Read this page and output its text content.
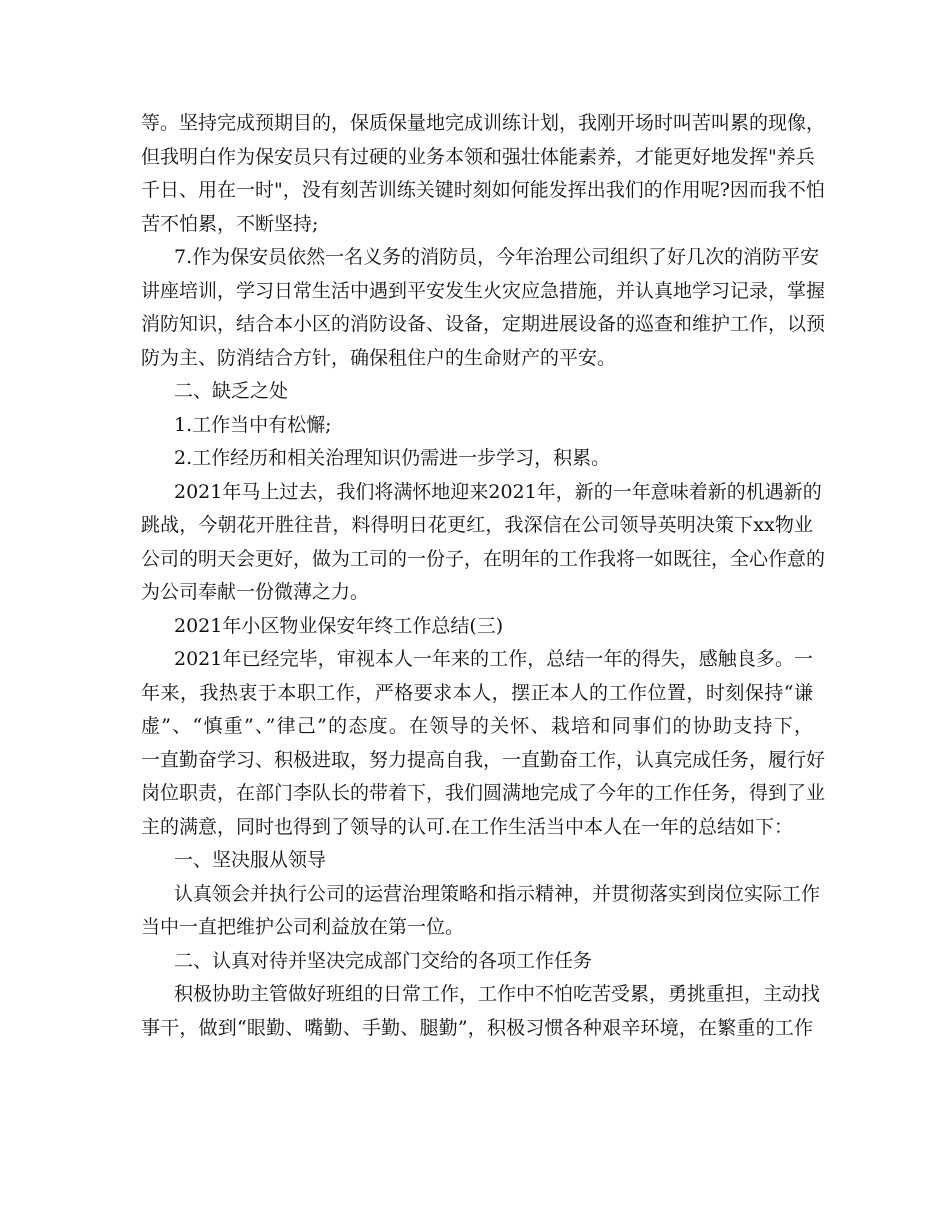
等。坚持完成预期目的，保质保量地完成训练计划，我刚开场时叫苦叫累的现像，
但我明白作为保安员只有过硬的业务本领和强壮体能素养，才能更好地发挥"养兵
千日、用在一时"，没有刻苦训练关键时刻如何能发挥出我们的作用呢?因而我不怕
苦不怕累，不断坚持;
7.作为保安员依然一名义务的消防员，今年治理公司组织了好几次的消防平安
讲座培训，学习日常生活中遇到平安发生火灾应急措施，并认真地学习记录，掌握
消防知识，结合本小区的消防设备、设备，定期进展设备的巡查和维护工作，以预
防为主、防消结合方针，确保租住户的生命财产的平安。
二、缺乏之处
1.工作当中有松懈;
2.工作经历和相关治理知识仍需进一步学习，积累。
2021年马上过去，我们将满怀地迎来2021年，新的一年意味着新的机遇新的
跳战，今朝花开胜往昔，料得明日花更红，我深信在公司领导英明决策下xx物业
公司的明天会更好，做为工司的一份子，在明年的工作我将一如既往，全心作意的
为公司奉献一份微薄之力。
2021年小区物业保安年终工作总结(三)
2021年已经完毕，审视本人一年来的工作，总结一年的得失，感触良多。一
年来，我热衷于本职工作，严格要求本人，摆正本人的工作位置，时刻保持“谦
虚”、“慎重”、”律己”的态度。在领导的关怀、栽培和同事们的协助支持下，
一直勤奋学习、积极进取，努力提高自我，一直勤奋工作，认真完成任务，履行好
岗位职责，在部门李队长的带着下，我们圆满地完成了今年的工作任务，得到了业
主的满意，同时也得到了领导的认可.在工作生活当中本人在一年的总结如下：
一、坚决服从领导
认真领会并执行公司的运营治理策略和指示精神，并贯彻落实到岗位实际工作
当中一直把维护公司利益放在第一位。
二、认真对待并坚决完成部门交给的各项工作任务
积极协助主管做好班组的日常工作，工作中不怕吃苦受累，勇挑重担，主动找
事干，做到“眼勤、嘴勤、手勤、腿勤”，积极习惯各种艰辛环境，在繁重的工作
